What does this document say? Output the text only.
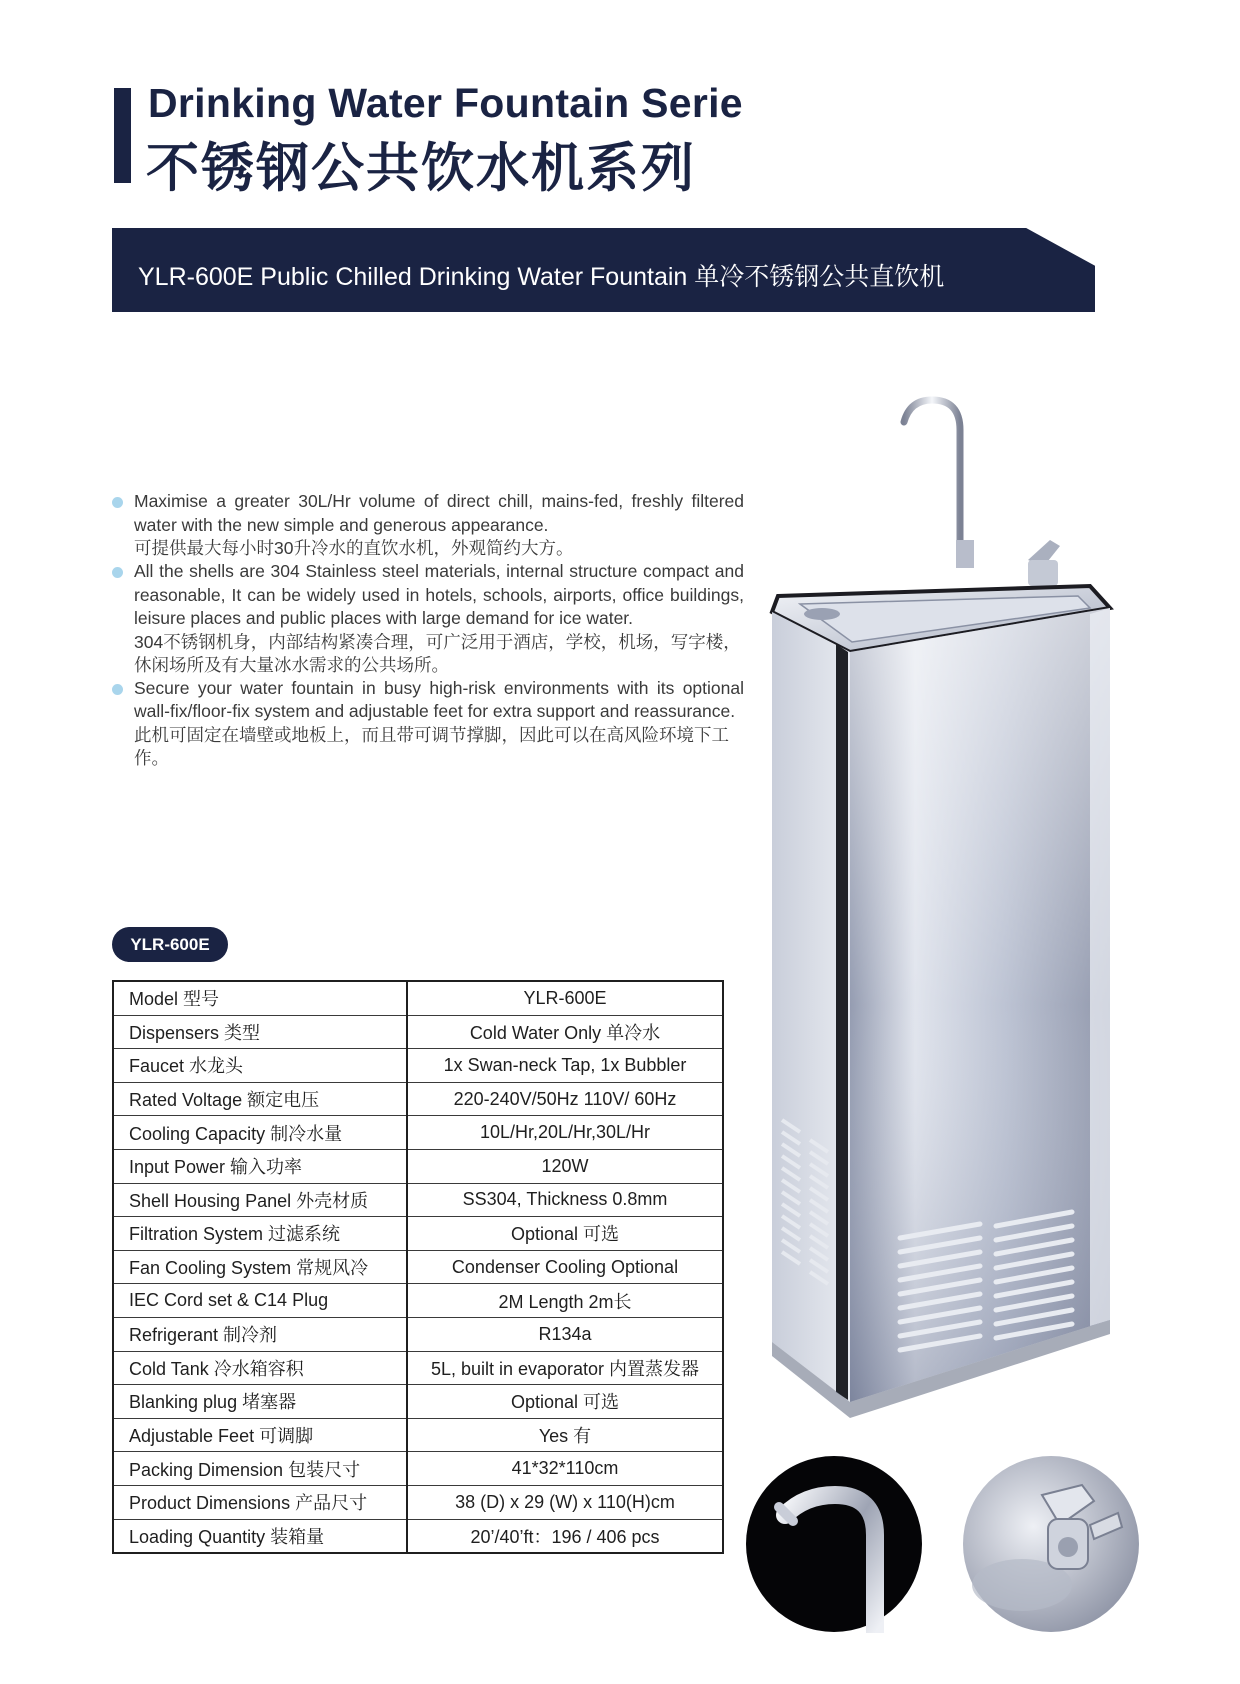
Drinking Water Fountain Serie
不锈钢公共饮水机系列
YLR-600E Public Chilled Drinking Water Fountain 单冷不锈钢公共直饮机

Maximise a greater 30L/Hr volume of direct chill, mains-fed, freshly filtered water with the new simple and generous appearance.

可提供最大每小时30升冷水的直饮水机，外观简约大方。

All the shells are 304 Stainless steel materials, internal structure compact and reasonable, It can be widely used in hotels, schools, airports, office buildings, leisure places and public places with large demand for ice water.

304不锈钢机身，内部结构紧凑合理，可广泛用于酒店，学校，机场，写字楼，休闲场所及有大量冰水需求的公共场所。

Secure your water fountain in busy high-risk environments with its optional wall-fix/floor-fix system and adjustable feet for extra support and reassurance.

此机可固定在墙壁或地板上，而且带可调节撑脚，因此可以在高风险环境下工作。

YLR-600E
Model 型号	YLR-600E
Dispensers 类型	Cold Water Only 单冷水
Faucet 水龙头	1x Swan-neck Tap, 1x Bubbler
Rated Voltage 额定电压	220-240V/50Hz 110V/ 60Hz
Cooling Capacity 制冷水量	10L/Hr,20L/Hr,30L/Hr
Input Power 输入功率	120W
Shell Housing Panel 外壳材质	SS304, Thickness 0.8mm
Filtration System 过滤系统	Optional 可选
Fan Cooling System 常规风冷	Condenser Cooling Optional
IEC Cord set & C14 Plug	2M Length 2m长
Refrigerant 制冷剂	R134a
Cold Tank 冷水箱容积	5L, built in evaporator 内置蒸发器
Blanking plug 堵塞器	Optional 可选
Adjustable Feet 可调脚	Yes 有
Packing Dimension 包装尺寸	41*32*110cm
Product Dimensions 产品尺寸	38 (D) x 29 (W) x 110(H)cm
Loading Quantity 装箱量	20’/40’ft：196 / 406 pcs
